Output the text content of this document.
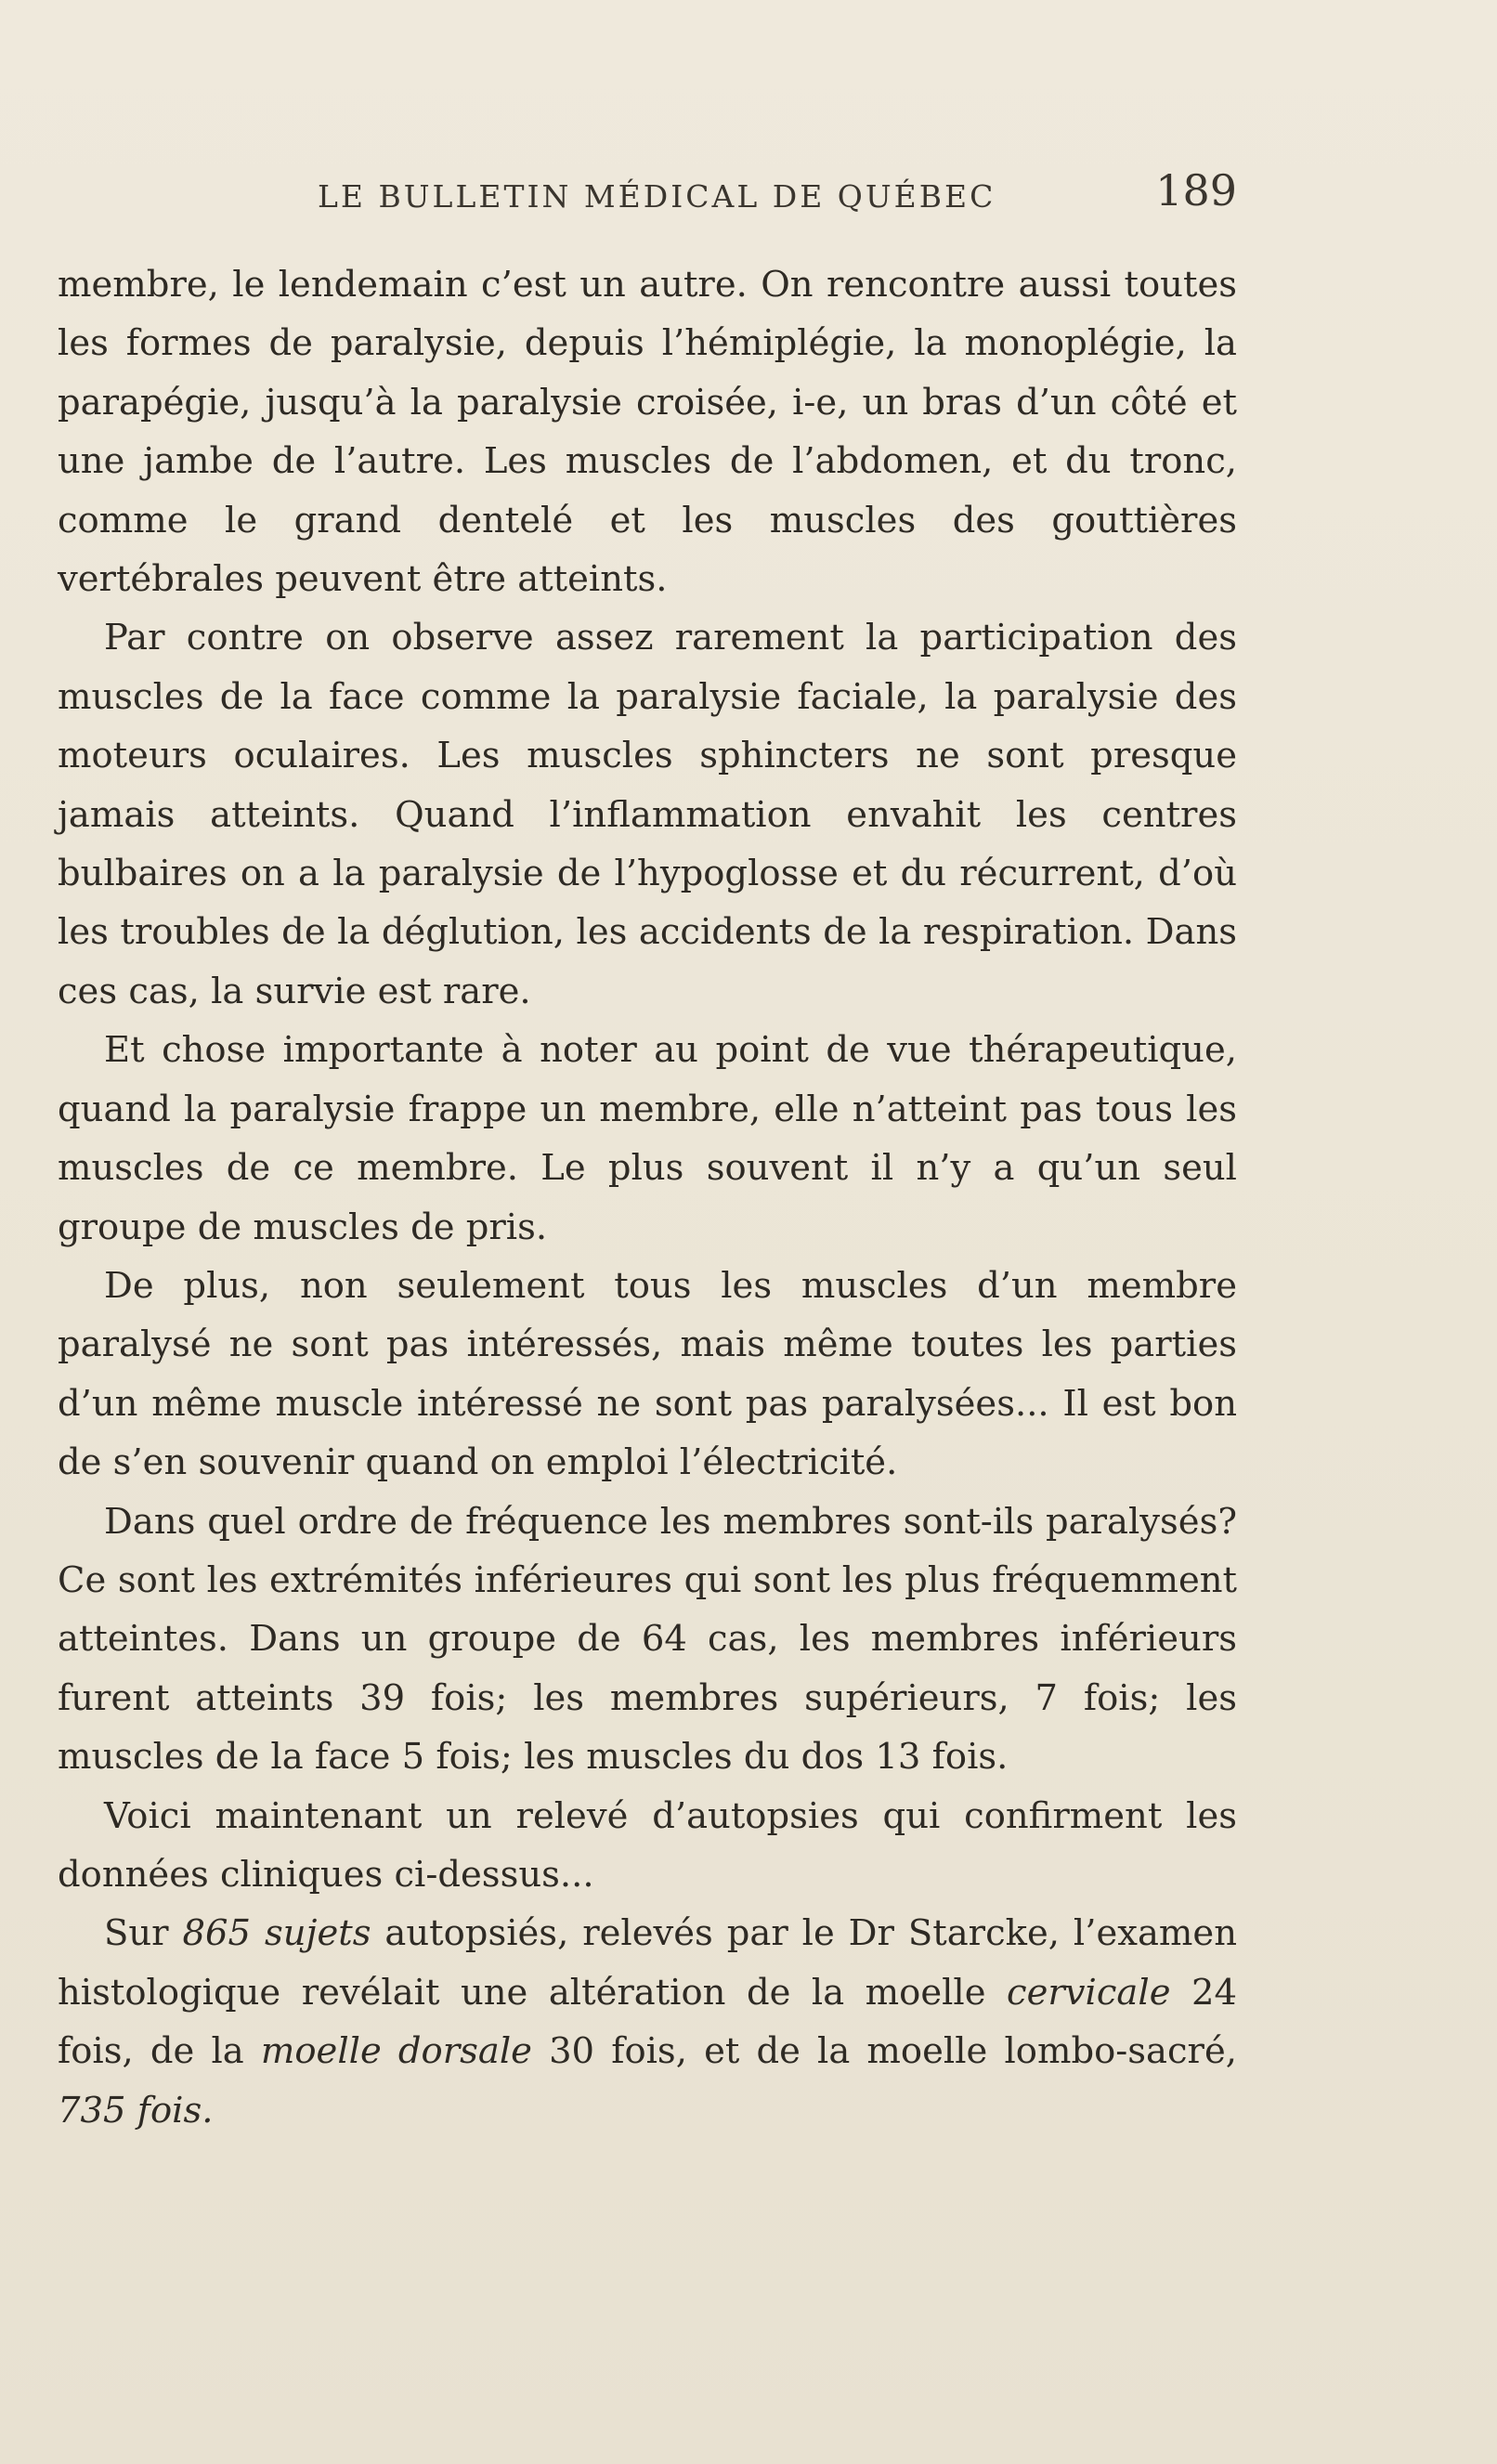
LE BULLETIN MÉDICAL DE QUÉBEC	189

membre, le lendemain c’est un autre. On rencontre aussi toutes les formes de paralysie, depuis l’hémiplégie, la monoplégie, la parapégie, jusqu’à la paralysie croisée, i-e, un bras d’un côté et une jambe de l’autre. Les muscles de l’abdomen, et du tronc, comme le grand dentelé et les muscles des gouttières vertébrales peuvent être atteints.

Par contre on observe assez rarement la participation des muscles de la face comme la paralysie faciale, la paralysie des moteurs oculaires. Les muscles sphincters ne sont presque jamais atteints. Quand l’inflammation envahit les centres bulbaires on a la paralysie de l’hypoglosse et du récurrent, d’où les troubles de la déglution, les accidents de la respiration. Dans ces cas, la survie est rare.

Et chose importante à noter au point de vue thérapeutique, quand la paralysie frappe un membre, elle n’atteint pas tous les muscles de ce membre. Le plus souvent il n’y a qu’un seul groupe de muscles de pris.

De plus, non seulement tous les muscles d’un membre paralysé ne sont pas intéressés, mais même toutes les parties d’un même muscle intéressé ne sont pas paralysées... Il est bon de s’en souvenir quand on emploi l’électricité.

Dans quel ordre de fréquence les membres sont-ils paralysés? Ce sont les extrémités inférieures qui sont les plus fréquemment atteintes. Dans un groupe de 64 cas, les membres inférieurs furent atteints 39 fois; les membres supérieurs, 7 fois; les muscles de la face 5 fois; les muscles du dos 13 fois.

Voici maintenant un relevé d’autopsies qui confirment les données cliniques ci-dessus...

Sur 865 sujets autopsiés, relevés par le Dr Starcke, l’examen histologique revélait une altération de la moelle cervicale 24 fois, de la moelle dorsale 30 fois, et de la moelle lombo-sacré, 735 fois.
